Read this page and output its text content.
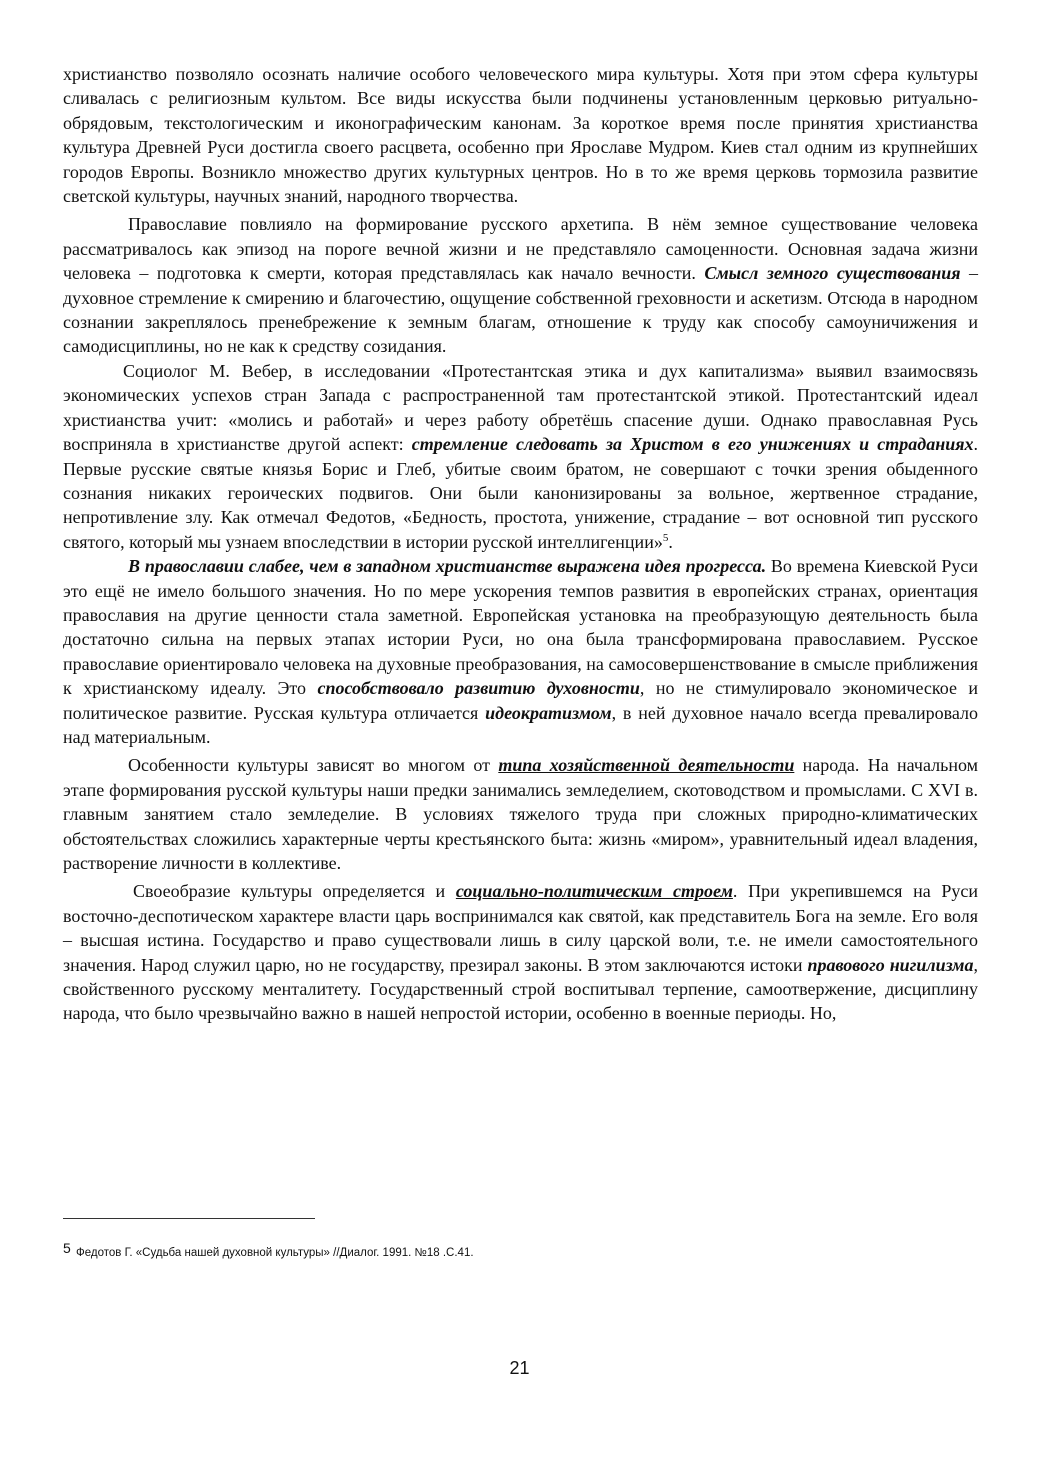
христианство позволяло осознать наличие особого человеческого мира культуры. Хотя при этом сфера культуры сливалась с религиозным культом. Все виды искусства были подчинены установленным церковью ритуально-обрядовым, текстологическим и иконографическим канонам. За короткое время после принятия христианства культура Древней Руси достигла своего расцвета, особенно при Ярославе Мудром. Киев стал одним из крупнейших городов Европы. Возникло множество других культурных центров. Но в то же время церковь тормозила развитие светской культуры, научных знаний, народного творчества.

Православие повлияло на формирование русского архетипа. В нём земное существование человека рассматривалось как эпизод на пороге вечной жизни и не представляло самоценности. Основная задача жизни человека – подготовка к смерти, которая представлялась как начало вечности. Смысл земного существования – духовное стремление к смирению и благочестию, ощущение собственной греховности и аскетизм. Отсюда в народном сознании закреплялось пренебрежение к земным благам, отношение к труду как способу самоуничижения и самодисциплины, но не как к средству созидания.

Социолог М. Вебер, в исследовании «Протестантская этика и дух капитализма» выявил взаимосвязь экономических успехов стран Запада с распространенной там протестантской этикой. Протестантский идеал христианства учит: «молись и работай» и через работу обретёшь спасение души. Однако православная Русь восприняла в христианстве другой аспект: стремление следовать за Христом в его унижениях и страданиях. Первые русские святые князья Борис и Глеб, убитые своим братом, не совершают с точки зрения обыденного сознания никаких героических подвигов. Они были канонизированы за вольное, жертвенное страдание, непротивление злу. Как отмечал Федотов, «Бедность, простота, унижение, страдание – вот основной тип русского святого, который мы узнаем впоследствии в истории русской интеллигенции»$^5$.

В православии слабее, чем в западном христианстве выражена идея прогресса. Во времена Киевской Руси это ещё не имело большого значения. Но по мере ускорения темпов развития в европейских странах, ориентация православия на другие ценности стала заметной. Европейская установка на преобразующую деятельность была достаточно сильна на первых этапах истории Руси, но она была трансформирована православием. Русское православие ориентировало человека на духовные преобразования, на самосовершенствование в смысле приближения к христианскому идеалу. Это способствовало развитию духовности, но не стимулировало экономическое и политическое развитие. Русская культура отличается идеократизмом, в ней духовное начало всегда превалировало над материальным.

Особенности культуры зависят во многом от типа хозяйственной деятельности народа. На начальном этапе формирования русской культуры наши предки занимались земледелием, скотоводством и промыслами. С XVI в. главным занятием стало земледелие. В условиях тяжелого труда при сложных природно-климатических обстоятельствах сложились характерные черты крестьянского быта: жизнь «миром», уравнительный идеал владения, растворение личности в коллективе.

Своеобразие культуры определяется и социально-политическим строем. При укрепившемся на Руси восточно-деспотическом характере власти царь воспринимался как святой, как представитель Бога на земле. Его воля – высшая истина. Государство и право существовали лишь в силу царской воли, т.е. не имели самостоятельного значения. Народ служил царю, но не государству, презирал законы. В этом заключаются истоки правового нигилизма, свойственного русскому менталитету. Государственный строй воспитывал терпение, самоотвержение, дисциплину народа, что было чрезвычайно важно в нашей непростой истории, особенно в военные периоды. Но,

5 Федотов Г. «Судьба нашей духовной культуры» //Диалог. 1991. №18 .С.41.
21
